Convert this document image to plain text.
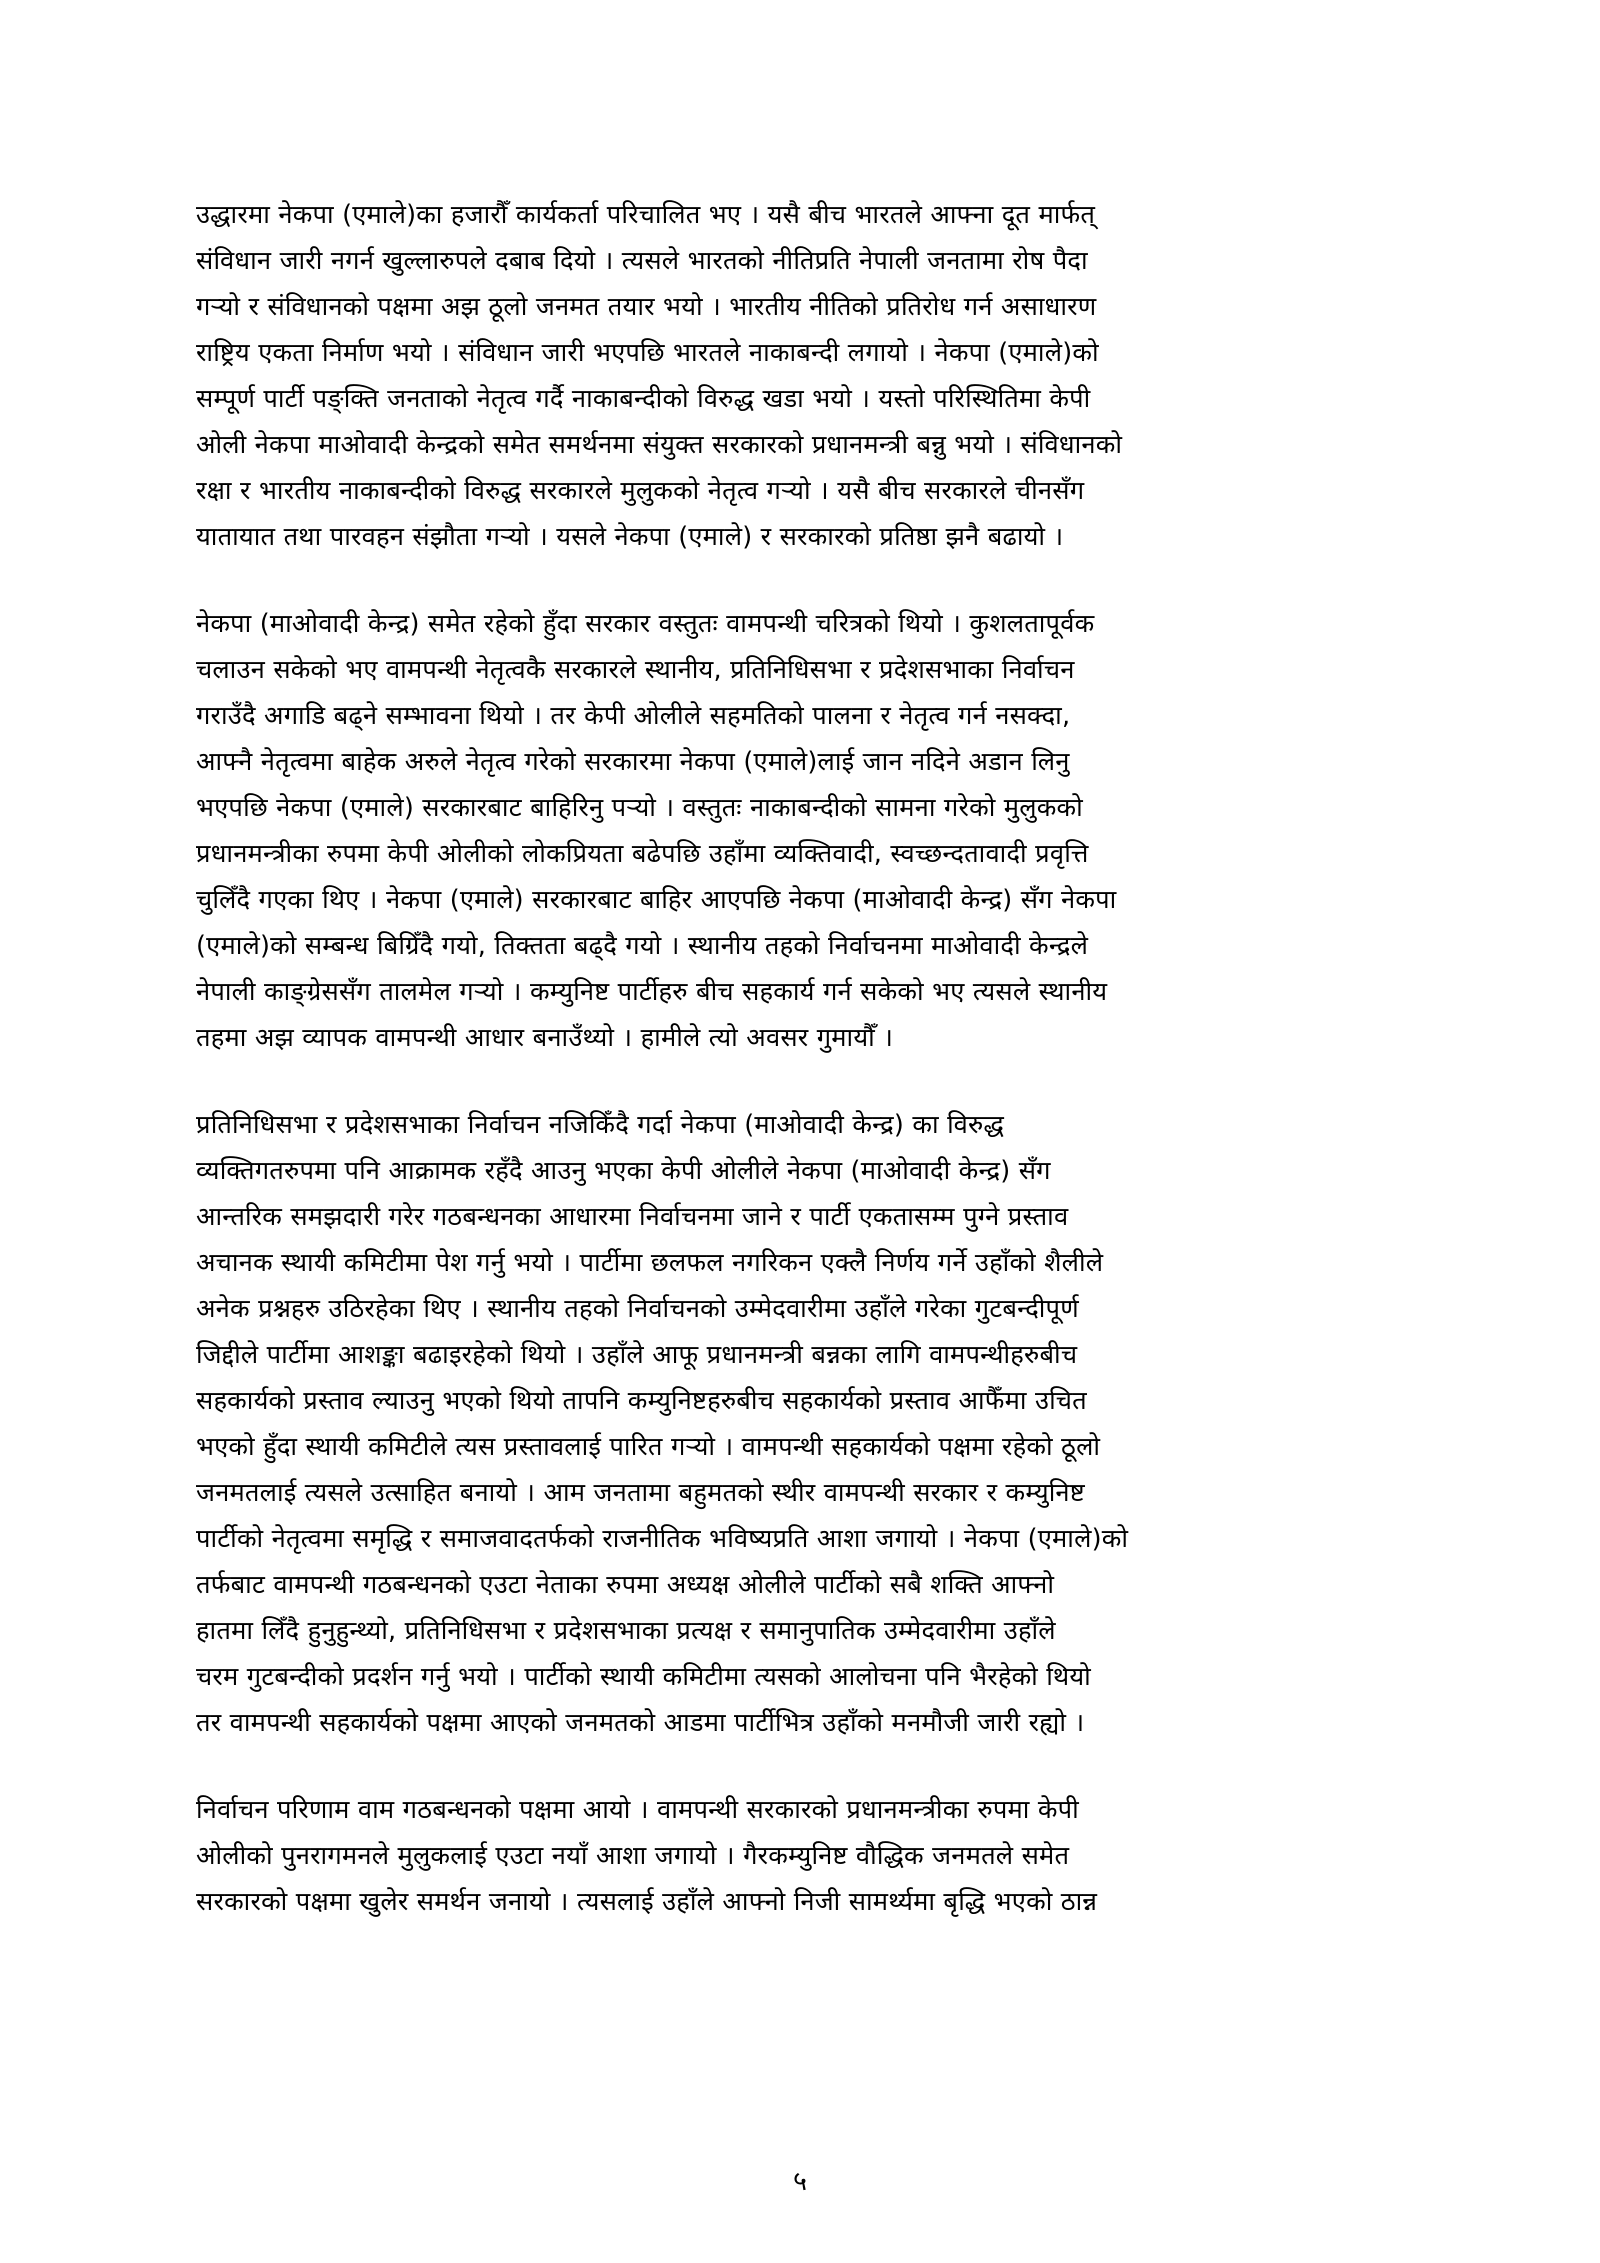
उद्धारमा नेकपा (एमाले)का हजारौँ कार्यकर्ता परिचालित भए । यसै बीच भारतले आफ्ना दूत मार्फत्
संविधान जारी नगर्न खुल्लारुपले दबाब दियो । त्यसले भारतको नीतिप्रति नेपाली जनतामा रोष पैदा
गऱ्यो र संविधानको पक्षमा अझ ठूलो जनमत तयार भयो । भारतीय नीतिको प्रतिरोध गर्न असाधारण
राष्ट्रिय एकता निर्माण भयो । संविधान जारी भएपछि भारतले नाकाबन्दी लगायो । नेकपा (एमाले)को
सम्पूर्ण पार्टी पङ्क्ति जनताको नेतृत्व गर्दै नाकाबन्दीको विरुद्ध खडा भयो । यस्तो परिस्थितिमा केपी
ओली नेकपा माओवादी केन्द्रको समेत समर्थनमा संयुक्त सरकारको प्रधानमन्त्री बन्नु भयो । संविधानको
रक्षा र भारतीय नाकाबन्दीको विरुद्ध सरकारले मुलुकको नेतृत्व गऱ्यो । यसै बीच सरकारले चीनसँग
यातायात तथा पारवहन संझौता गऱ्यो । यसले नेकपा (एमाले) र सरकारको प्रतिष्ठा झनै बढायो ।

नेकपा (माओवादी केन्द्र) समेत रहेको हुँदा सरकार वस्तुतः वामपन्थी चरित्रको थियो । कुशलतापूर्वक
चलाउन सकेको भए वामपन्थी नेतृत्वकै सरकारले स्थानीय, प्रतिनिधिसभा र प्रदेशसभाका निर्वाचन
गराउँदै अगाडि बढ्ने सम्भावना थियो । तर केपी ओलीले सहमतिको पालना र नेतृत्व गर्न नसक्दा,
आफ्नै नेतृत्वमा बाहेक अरुले नेतृत्व गरेको सरकारमा नेकपा (एमाले)लाई जान नदिने अडान लिनु
भएपछि नेकपा (एमाले) सरकारबाट बाहिरिनु पऱ्यो । वस्तुतः नाकाबन्दीको सामना गरेको मुलुकको
प्रधानमन्त्रीका रुपमा केपी ओलीको लोकप्रियता बढेपछि उहाँमा व्यक्तिवादी, स्वच्छन्दतावादी प्रवृत्ति
चुलिँदै गएका थिए । नेकपा (एमाले) सरकारबाट बाहिर आएपछि नेकपा (माओवादी केन्द्र) सँग नेकपा
(एमाले)को सम्बन्ध बिग्रिँदै गयो, तिक्तता बढ्दै गयो । स्थानीय तहको निर्वाचनमा माओवादी केन्द्रले
नेपाली काङ्ग्रेससँग तालमेल गऱ्यो । कम्युनिष्ट पार्टीहरु बीच सहकार्य गर्न सकेको भए त्यसले स्थानीय
तहमा अझ व्यापक वामपन्थी आधार बनाउँथ्यो । हामीले त्यो अवसर गुमायौँ ।

प्रतिनिधिसभा र प्रदेशसभाका निर्वाचन नजिकिँदै गर्दा नेकपा (माओवादी केन्द्र) का विरुद्ध
व्यक्तिगतरुपमा पनि आक्रामक रहँदै आउनु भएका केपी ओलीले नेकपा (माओवादी केन्द्र) सँग
आन्तरिक समझदारी गरेर गठबन्धनका आधारमा निर्वाचनमा जाने र पार्टी एकतासम्म पुग्ने प्रस्ताव
अचानक स्थायी कमिटीमा पेश गर्नु भयो । पार्टीमा छलफल नगरिकन एक्लै निर्णय गर्ने उहाँको शैलीले
अनेक प्रश्नहरु उठिरहेका थिए । स्थानीय तहको निर्वाचनको उम्मेदवारीमा उहाँले गरेका गुटबन्दीपूर्ण
जिद्दीले पार्टीमा आशङ्का बढाइरहेको थियो । उहाँले आफू प्रधानमन्त्री बन्नका लागि वामपन्थीहरुबीच
सहकार्यको प्रस्ताव ल्याउनु भएको थियो तापनि कम्युनिष्टहरुबीच सहकार्यको प्रस्ताव आफैँमा उचित
भएको हुँदा स्थायी कमिटीले त्यस प्रस्तावलाई पारित गऱ्यो । वामपन्थी सहकार्यको पक्षमा रहेको ठूलो
जनमतलाई त्यसले उत्साहित बनायो । आम जनतामा बहुमतको स्थीर वामपन्थी सरकार र कम्युनिष्ट
पार्टीको नेतृत्वमा समृद्धि र समाजवादतर्फको राजनीतिक भविष्यप्रति आशा जगायो । नेकपा (एमाले)को
तर्फबाट वामपन्थी गठबन्धनको एउटा नेताका रुपमा अध्यक्ष ओलीले पार्टीको सबै शक्ति आफ्नो
हातमा लिँदै हुनुहुन्थ्यो, प्रतिनिधिसभा र प्रदेशसभाका प्रत्यक्ष र समानुपातिक उम्मेदवारीमा उहाँले
चरम गुटबन्दीको प्रदर्शन गर्नु भयो । पार्टीको स्थायी कमिटीमा त्यसको आलोचना पनि भैरहेको थियो
तर वामपन्थी सहकार्यको पक्षमा आएको जनमतको आडमा पार्टीभित्र उहाँको मनमौजी जारी रह्यो ।

निर्वाचन परिणाम वाम गठबन्धनको पक्षमा आयो । वामपन्थी सरकारको प्रधानमन्त्रीका रुपमा केपी
ओलीको पुनरागमनले मुलुकलाई एउटा नयाँ आशा जगायो । गैरकम्युनिष्ट वौद्धिक जनमतले समेत
सरकारको पक्षमा खुलेर समर्थन जनायो । त्यसलाई उहाँले आफ्नो निजी सामर्थ्यमा बृद्धि भएको ठान्न

५
